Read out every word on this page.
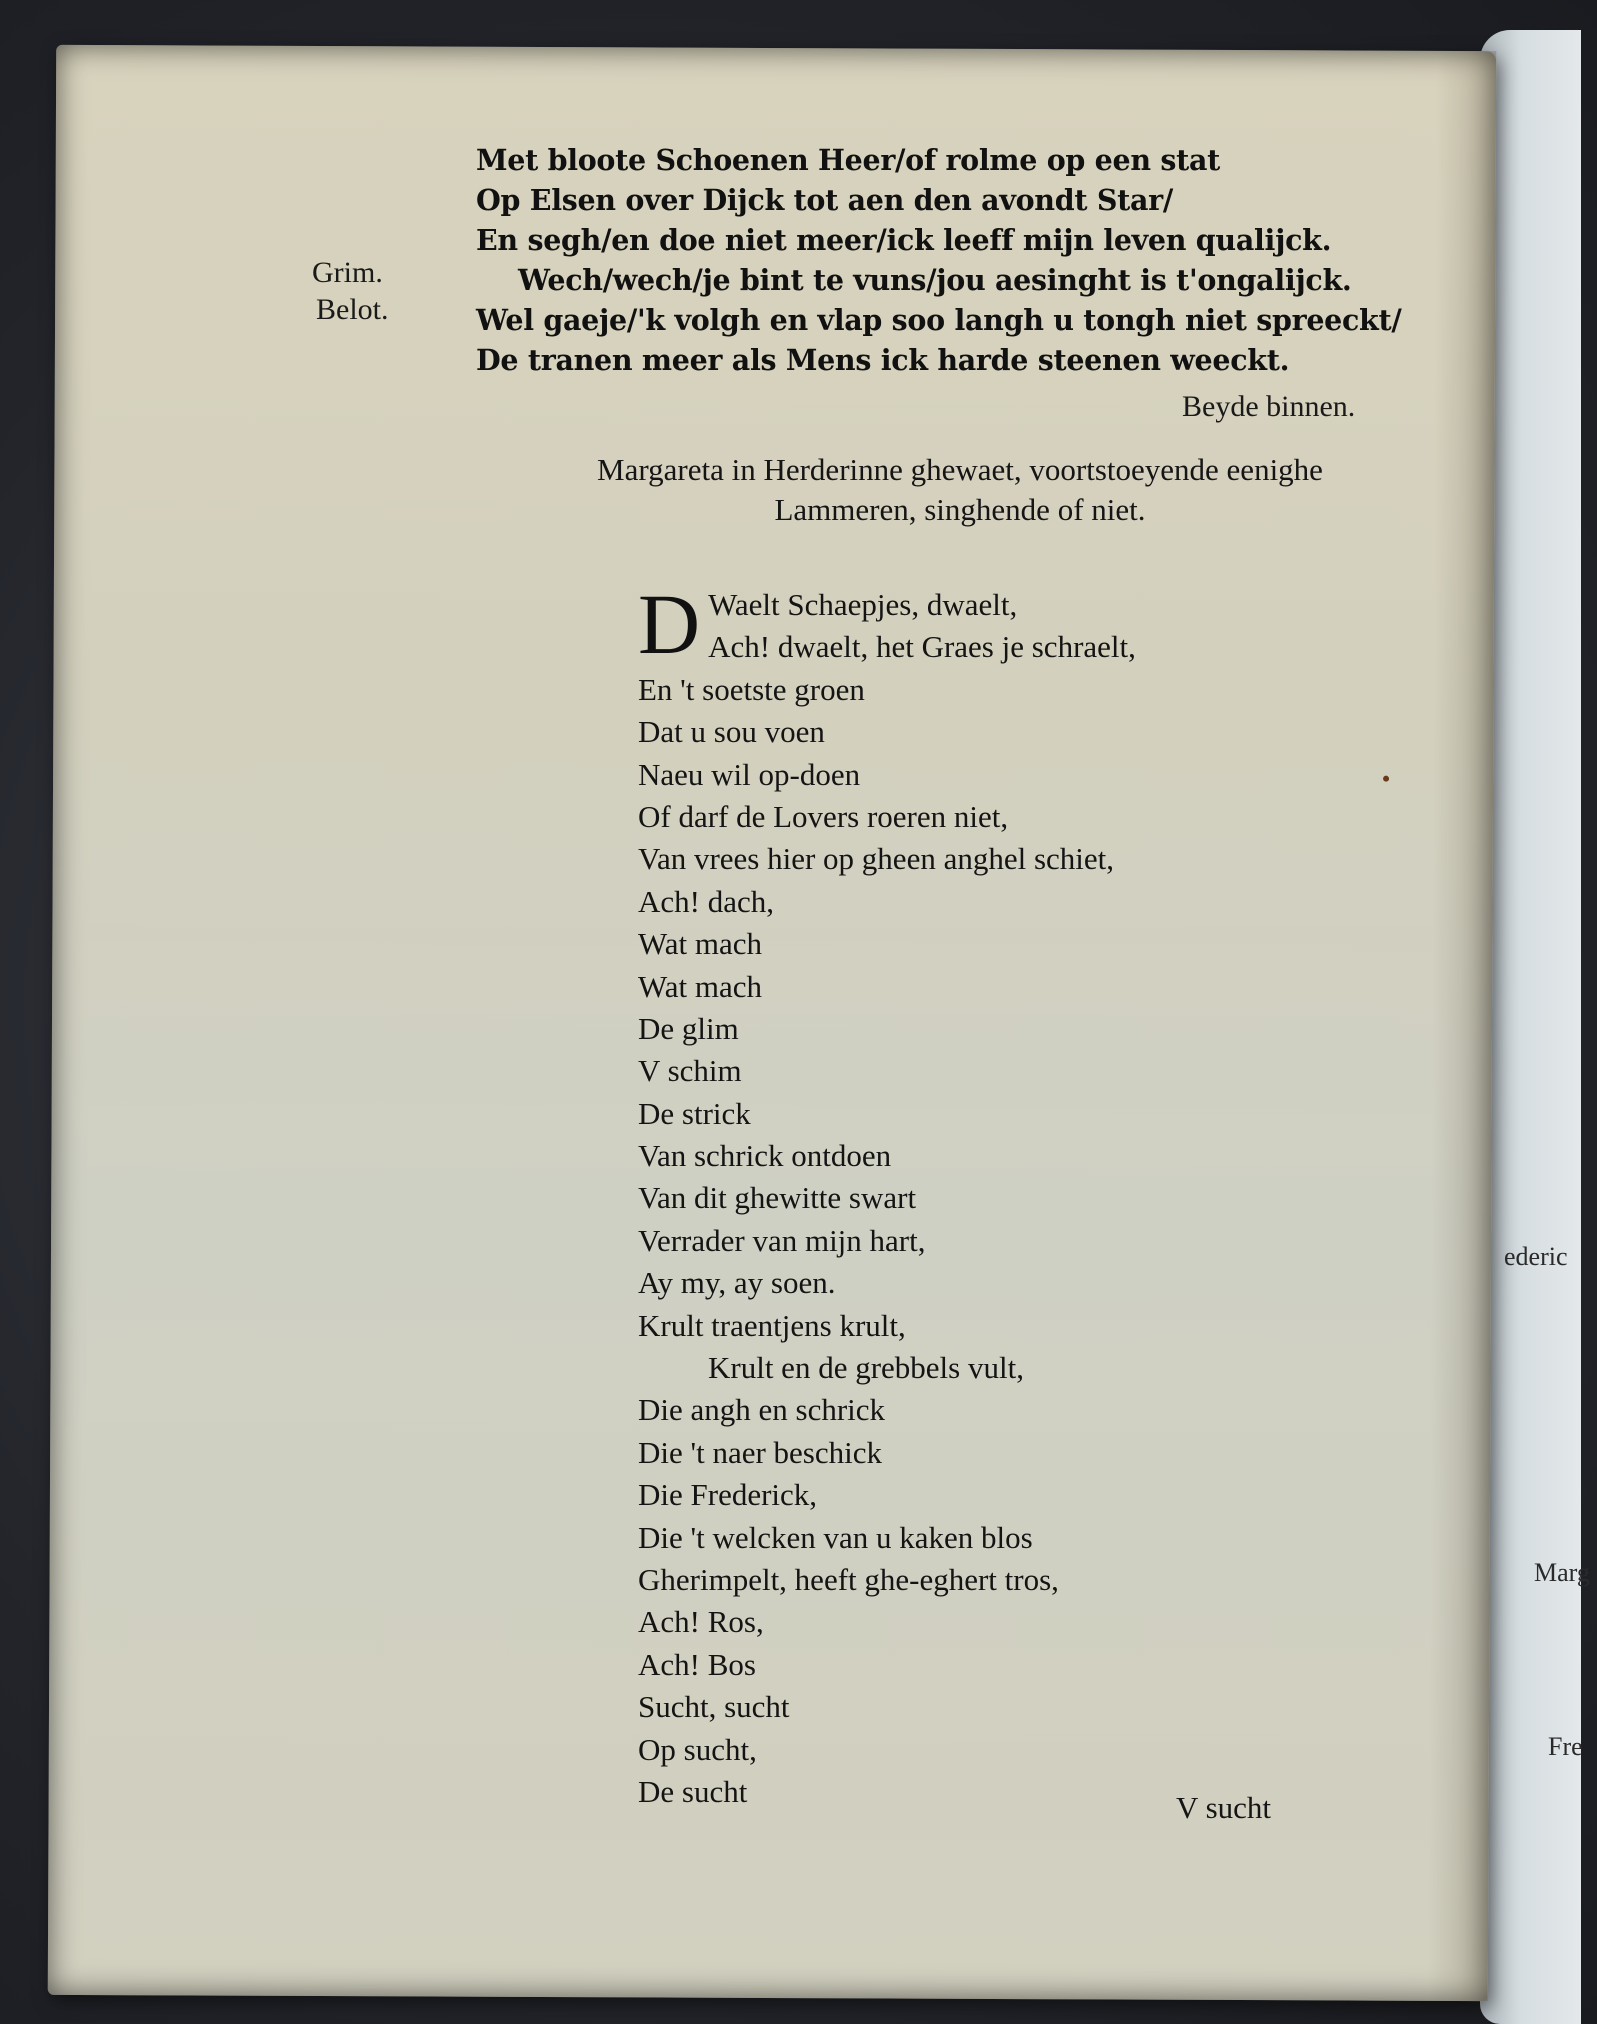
ederic
Marg
Fre
Met bloote Schoenen Heer/of rolme op een stat
Op Elsen over Dijck tot aen den avondt Star/
En segh/en doe niet meer/ick leeff mijn leven qualijck.
Wech/wech/je bint te vuns/jou aesinght is t'ongalijck.
Wel gaeje/'k volgh en vlap soo langh u tongh niet spreeckt/
De tranen meer als Mens ick harde steenen weeckt.
Grim.
Belot.
Beyde binnen.
Margareta in Herderinne ghewaet, voortstoeyende eenighe
Lammeren, singhende of niet.
D Waelt Schaepjes, dwaelt,
Ach! dwaelt, het Graes je schraelt,
En 't soetste groen
Dat u sou voen
Naeu wil op-doen
Of darf de Lovers roeren niet,
Van vrees hier op gheen anghel schiet,
Ach! dach,
Wat mach
Wat mach
De glim
V schim
De strick
Van schrick ontdoen
Van dit ghewitte swart
Verrader van mijn hart,
Ay my, ay soen.
Krult traentjens krult,
Krult en de grebbels vult,
Die angh en schrick
Die 't naer beschick
Die Frederick,
Die 't welcken van u kaken blos
Gherimpelt, heeft ghe-eghert tros,
Ach! Ros,
Ach! Bos
Sucht, sucht
Op sucht,
De sucht	V sucht
